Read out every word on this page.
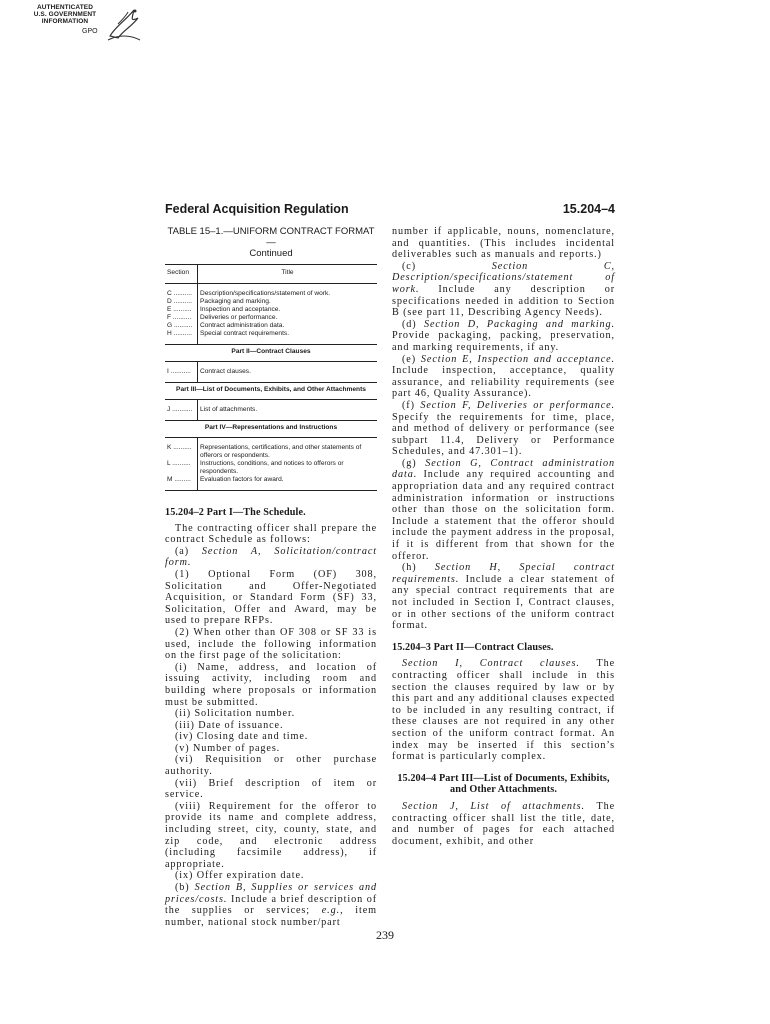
AUTHENTICATED
U.S. GOVERNMENT
INFORMATION
GPO
Federal Acquisition Regulation	15.204–4
TABLE 15–1.—UNIFORM CONTRACT FORMAT—
Continued
Section	Title
C ..........	Description/specifications/statement of work.
D ..........	Packaging and marking.
E ..........	Inspection and acceptance.
F ..........	Deliveries or performance.
G ..........	Contract administration data.
H ..........	Special contract requirements.
Part II—Contract Clauses	
I ...........	Contract clauses.
Part III—List of Documents, Exhibits, and Other Attachments	
J ...........	List of attachments.
Part IV—Representations and Instructions	
K ..........	Representations, certifications, and other statements of offerors or respondents.
L ..........	Instructions, conditions, and notices to offerors or respondents.
M .........	Evaluation factors for award.
15.204–2 Part I—The Schedule.

The contracting officer shall prepare the contract Schedule as follows:

(a) Section A, Solicitation/contract form.

(1) Optional Form (OF) 308, Solicitation and Offer-Negotiated Acquisition, or Standard Form (SF) 33, Solicitation, Offer and Award, may be used to prepare RFPs.

(2) When other than OF 308 or SF 33 is used, include the following information on the first page of the solicitation:

(i) Name, address, and location of issuing activity, including room and building where proposals or information must be submitted.

(ii) Solicitation number.

(iii) Date of issuance.

(iv) Closing date and time.

(v) Number of pages.

(vi) Requisition or other purchase authority.

(vii) Brief description of item or service.

(viii) Requirement for the offeror to provide its name and complete address, including street, city, county, state, and zip code, and electronic address (including facsimile address), if appropriate.

(ix) Offer expiration date.

(b) Section B, Supplies or services and prices/costs. Include a brief description of the supplies or services; e.g., item number, national stock number/part

number if applicable, nouns, nomenclature, and quantities. (This includes incidental deliverables such as manuals and reports.)

(c)	Section C, Description/specifications/statement of work. Include any description or specifications needed in addition to Section B (see part 11, Describing Agency Needs).

(d) Section D, Packaging and marking. Provide packaging, packing, preservation, and marking requirements, if any.

(e) Section E, Inspection and acceptance. Include inspection, acceptance, quality assurance, and reliability requirements (see part 46, Quality Assurance).

(f) Section F, Deliveries or performance. Specify the requirements for time, place, and method of delivery or performance (see subpart 11.4, Delivery or Performance Schedules, and 47.301–1).

(g) Section G, Contract administration data. Include any required accounting and appropriation data and any required contract administration information or instructions other than those on the solicitation form. Include a statement that the offeror should include the payment address in the proposal, if it is different from that shown for the offeror.

(h) Section H, Special contract requirements. Include a clear statement of any special contract requirements that are not included in Section I, Contract clauses, or in other sections of the uniform contract format.

15.204–3 Part II—Contract Clauses.

Section I, Contract clauses. The contracting officer shall include in this section the clauses required by law or by this part and any additional clauses expected to be included in any resulting contract, if these clauses are not required in any other section of the uniform contract format. An index may be inserted if this section’s format is particularly complex.

15.204–4 Part III—List of Documents, Exhibits, and Other Attachments.

Section J, List of attachments. The contracting officer shall list the title, date, and number of pages for each attached document, exhibit, and other

239
